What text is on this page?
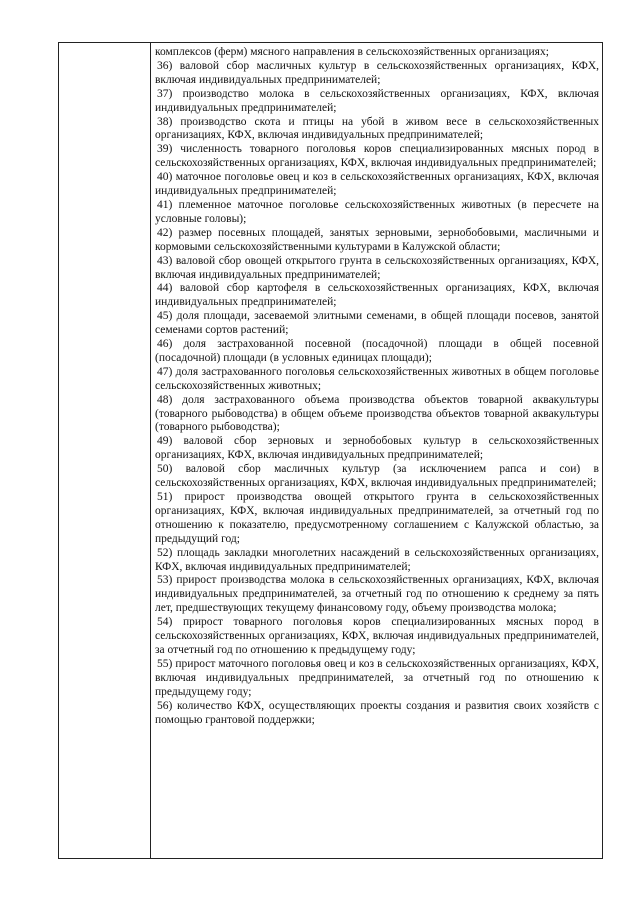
комплексов (ферм) мясного направления в сельскохозяйственных организациях;

36) валовой сбор масличных культур в сельскохозяйственных организациях, КФХ, включая индивидуальных предпринимателей;

37) производство молока в сельскохозяйственных организациях, КФХ, включая индивидуальных предпринимателей;

38) производство скота и птицы на убой в живом весе в сельскохозяйственных организациях, КФХ, включая индивидуальных предпринимателей;

39) численность товарного поголовья коров специализированных мясных пород в сельскохозяйственных организациях, КФХ, включая индивидуальных предпринимателей;

40) маточное поголовье овец и коз в сельскохозяйственных организациях, КФХ, включая индивидуальных предпринимателей;

41) племенное маточное поголовье сельскохозяйственных животных (в пересчете на условные головы);

42) размер посевных площадей, занятых зерновыми, зернобобовыми, масличными и кормовыми сельскохозяйственными культурами в Калужской области;

43) валовой сбор овощей открытого грунта в сельскохозяйственных организациях, КФХ, включая индивидуальных предпринимателей;

44) валовой сбор картофеля в сельскохозяйственных организациях, КФХ, включая индивидуальных предпринимателей;

45) доля площади, засеваемой элитными семенами, в общей площади посевов, занятой семенами сортов растений;

46) доля застрахованной посевной (посадочной) площади в общей посевной (посадочной) площади (в условных единицах площади);

47) доля застрахованного поголовья сельскохозяйственных животных в общем поголовье сельскохозяйственных животных;

48) доля застрахованного объема производства объектов товарной аквакультуры (товарного рыбоводства) в общем объеме производства объектов товарной аквакультуры (товарного рыбоводства);

49) валовой сбор зерновых и зернобобовых культур в сельскохозяйственных организациях, КФХ, включая индивидуальных предпринимателей;

50) валовой сбор масличных культур (за исключением рапса и сои) в сельскохозяйственных организациях, КФХ, включая индивидуальных предпринимателей;

51) прирост производства овощей открытого грунта в сельскохозяйственных организациях, КФХ, включая индивидуальных предпринимателей, за отчетный год по отношению к показателю, предусмотренному соглашением с Калужской областью, за предыдущий год;

52) площадь закладки многолетних насаждений в сельскохозяйственных организациях, КФХ, включая индивидуальных предпринимателей;

53) прирост производства молока в сельскохозяйственных организациях, КФХ, включая индивидуальных предпринимателей, за отчетный год по отношению к среднему за пять лет, предшествующих текущему финансовому году, объему производства молока;

54) прирост товарного поголовья коров специализированных мясных пород в сельскохозяйственных организациях, КФХ, включая индивидуальных предпринимателей, за отчетный год по отношению к предыдущему году;

55) прирост маточного поголовья овец и коз в сельскохозяйственных организациях, КФХ, включая индивидуальных предпринимателей, за отчетный год по отношению к предыдущему году;

56) количество КФХ, осуществляющих проекты создания и развития своих хозяйств с помощью грантовой поддержки;
